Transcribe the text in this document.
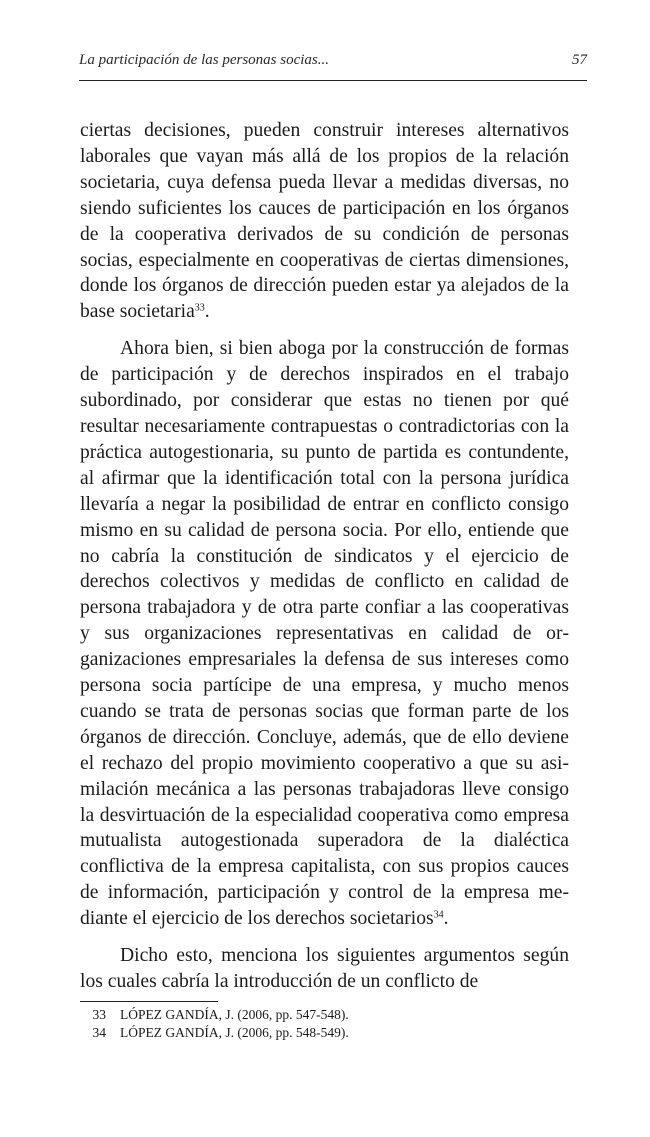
La participación de las personas socias...	57

ciertas decisiones, pueden construir intereses alternativos laborales que vayan más allá de los propios de la relación societaria, cuya defensa pueda llevar a medidas diversas, no siendo suficientes los cauces de participación en los órganos de la cooperativa derivados de su condición de personas socias, especialmente en cooperativas de ciertas dimensiones, donde los órganos de dirección pueden estar ya alejados de la base societaria$^{33}$.

Ahora bien, si bien aboga por la construcción de formas de participación y de derechos inspirados en el trabajo subordinado, por considerar que estas no tienen por qué resultar necesariamente contrapuestas o contradictorias con la práctica autogestionaria, su punto de partida es contundente, al afirmar que la identificación total con la persona jurídica llevaría a negar la posibilidad de entrar en conflicto consigo mismo en su calidad de persona socia. Por ello, entiende que no cabría la constitución de sindicatos y el ejercicio de derechos colectivos y medidas de conflicto en calidad de persona trabajadora y de otra parte confiar a las cooperativas y sus organizaciones representativas en calidad de organizaciones empresariales la defensa de sus intereses como persona socia partícipe de una empresa, y mucho menos cuando se trata de personas socias que forman parte de los órganos de dirección. Concluye, además, que de ello deviene el rechazo del propio movimiento cooperativo a que su asimilación mecánica a las personas trabajadoras lleve consigo la desvirtuación de la especialidad cooperativa como empresa mutualista autogestionada superadora de la dialéctica conflictiva de la empresa capitalista, con sus propios cauces de información, participación y control de la empresa mediante el ejercicio de los derechos societarios$^{34}$.

Dicho esto, menciona los siguientes argumentos según los cuales cabría la introducción de un conflicto de

33	LÓPEZ GANDÍA, J. (2006, pp. 547-548).
34	LÓPEZ GANDÍA, J. (2006, pp. 548-549).
